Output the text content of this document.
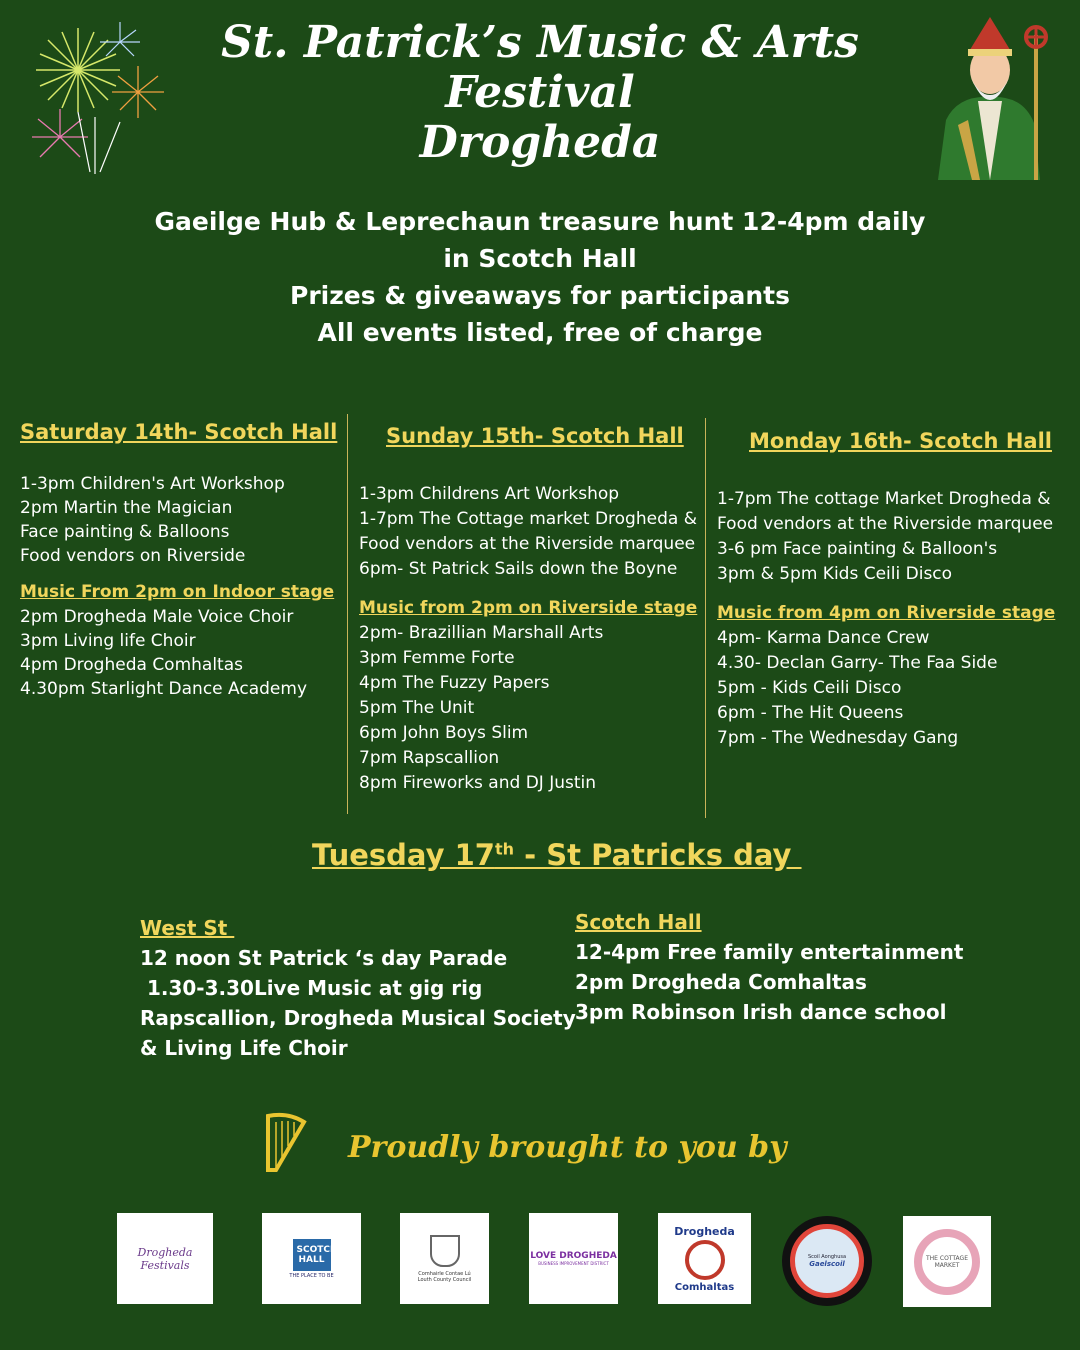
St. Patrick’s Music & Arts
Festival
Drogheda
Gaeilge Hub & Leprechaun treasure hunt 12-4pm daily
in Scotch Hall
Prizes & giveaways for participants
All events listed, free of charge
Saturday 14th- Scotch Hall
1-3pm Children's Art Workshop
2pm Martin the Magician
Face painting & Balloons
Food vendors on Riverside
Music From 2pm on Indoor stage
2pm Drogheda Male Voice Choir
3pm Living life Choir
4pm Drogheda Comhaltas
4.30pm Starlight Dance Academy
Sunday 15th- Scotch Hall
1-3pm Childrens Art Workshop
1-7pm The Cottage market Drogheda &
Food vendors at the Riverside marquee
6pm- St Patrick Sails down the Boyne
Music from 2pm on Riverside stage
2pm- Brazillian Marshall Arts
3pm Femme Forte
4pm The Fuzzy Papers
5pm The Unit
6pm John Boys Slim
7pm Rapscallion
8pm Fireworks and DJ Justin
Monday 16th- Scotch Hall
1-7pm The cottage Market Drogheda &
Food vendors at the Riverside marquee
3-6 pm Face painting & Balloon's
3pm & 5pm Kids Ceili Disco
Music from 4pm on Riverside stage
4pm- Karma Dance Crew
4.30- Declan Garry- The Faa Side
5pm - Kids Ceili Disco
6pm - The Hit Queens
7pm - The Wednesday Gang
Tuesday 17th - St Patricks day
West St
12 noon St Patrick ‘s day Parade
1.30-3.30Live Music at gig rig
Rapscallion, Drogheda Musical Society
& Living Life Choir
Scotch Hall
12-4pm Free family entertainment
2pm Drogheda Comhaltas
3pm Robinson Irish dance school
Proudly brought to you by
Drogheda Festivals
SCOTCH HALL
THE PLACE TO BE	Comhairle Contae Lú
Louth County Council
LOVE DROGHEDA
BUSINESS IMPROVEMENT DISTRICT
Drogheda
Comhaltas
Scoil Aonghusa
Gaelscoil
THE COTTAGE MARKET
